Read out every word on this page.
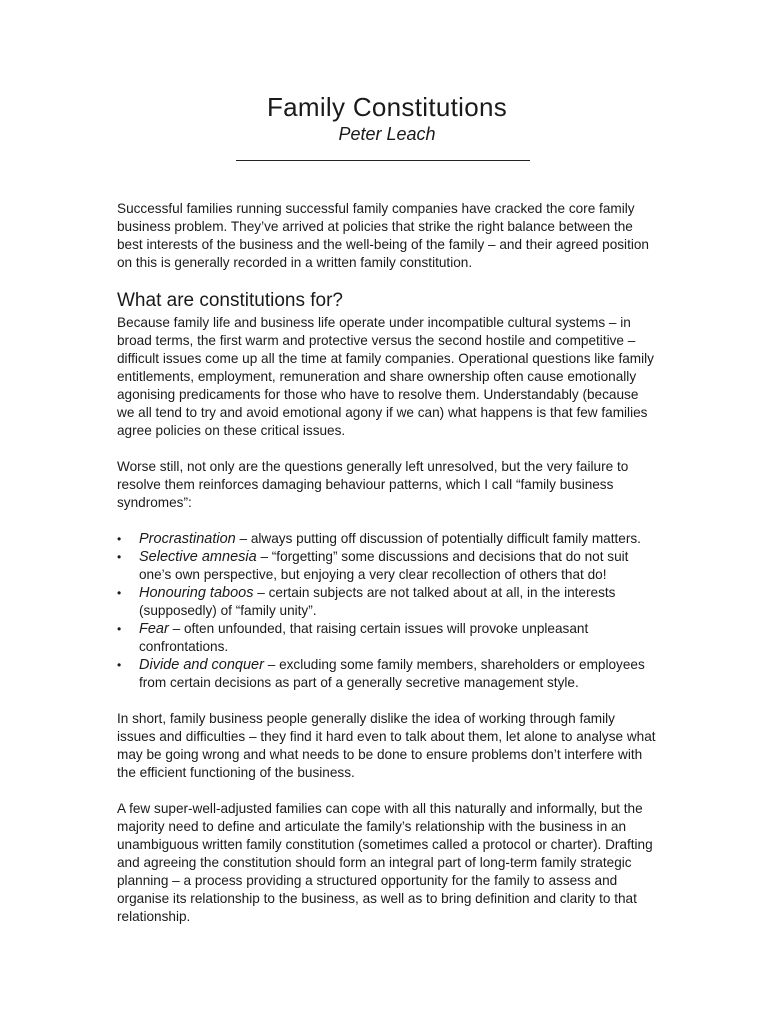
Family Constitutions
Peter Leach

Successful families running successful family companies have cracked the core family business problem. They’ve arrived at policies that strike the right balance between the best interests of the business and the well-being of the family – and their agreed position on this is generally recorded in a written family constitution.

What are constitutions for?

Because family life and business life operate under incompatible cultural systems – in broad terms, the first warm and protective versus the second hostile and competitive – difficult issues come up all the time at family companies. Operational questions like family entitlements, employment, remuneration and share ownership often cause emotionally agonising predicaments for those who have to resolve them. Understandably (because we all tend to try and avoid emotional agony if we can) what happens is that few families agree policies on these critical issues.

Worse still, not only are the questions generally left unresolved, but the very failure to resolve them reinforces damaging behaviour patterns, which I call “family business syndromes”:

• Procrastination – always putting off discussion of potentially difficult family matters.
• Selective amnesia – “forgetting” some discussions and decisions that do not suit one’s own perspective, but enjoying a very clear recollection of others that do!
• Honouring taboos – certain subjects are not talked about at all, in the interests (supposedly) of “family unity”.
• Fear – often unfounded, that raising certain issues will provoke unpleasant confrontations.
• Divide and conquer – excluding some family members, shareholders or employees from certain decisions as part of a generally secretive management style.

In short, family business people generally dislike the idea of working through family issues and difficulties – they find it hard even to talk about them, let alone to analyse what may be going wrong and what needs to be done to ensure problems don’t interfere with the efficient functioning of the business.

A few super-well-adjusted families can cope with all this naturally and informally, but the majority need to define and articulate the family’s relationship with the business in an unambiguous written family constitution (sometimes called a protocol or charter). Drafting and agreeing the constitution should form an integral part of long-term family strategic planning – a process providing a structured opportunity for the family to assess and organise its relationship to the business, as well as to bring definition and clarity to that relationship.
